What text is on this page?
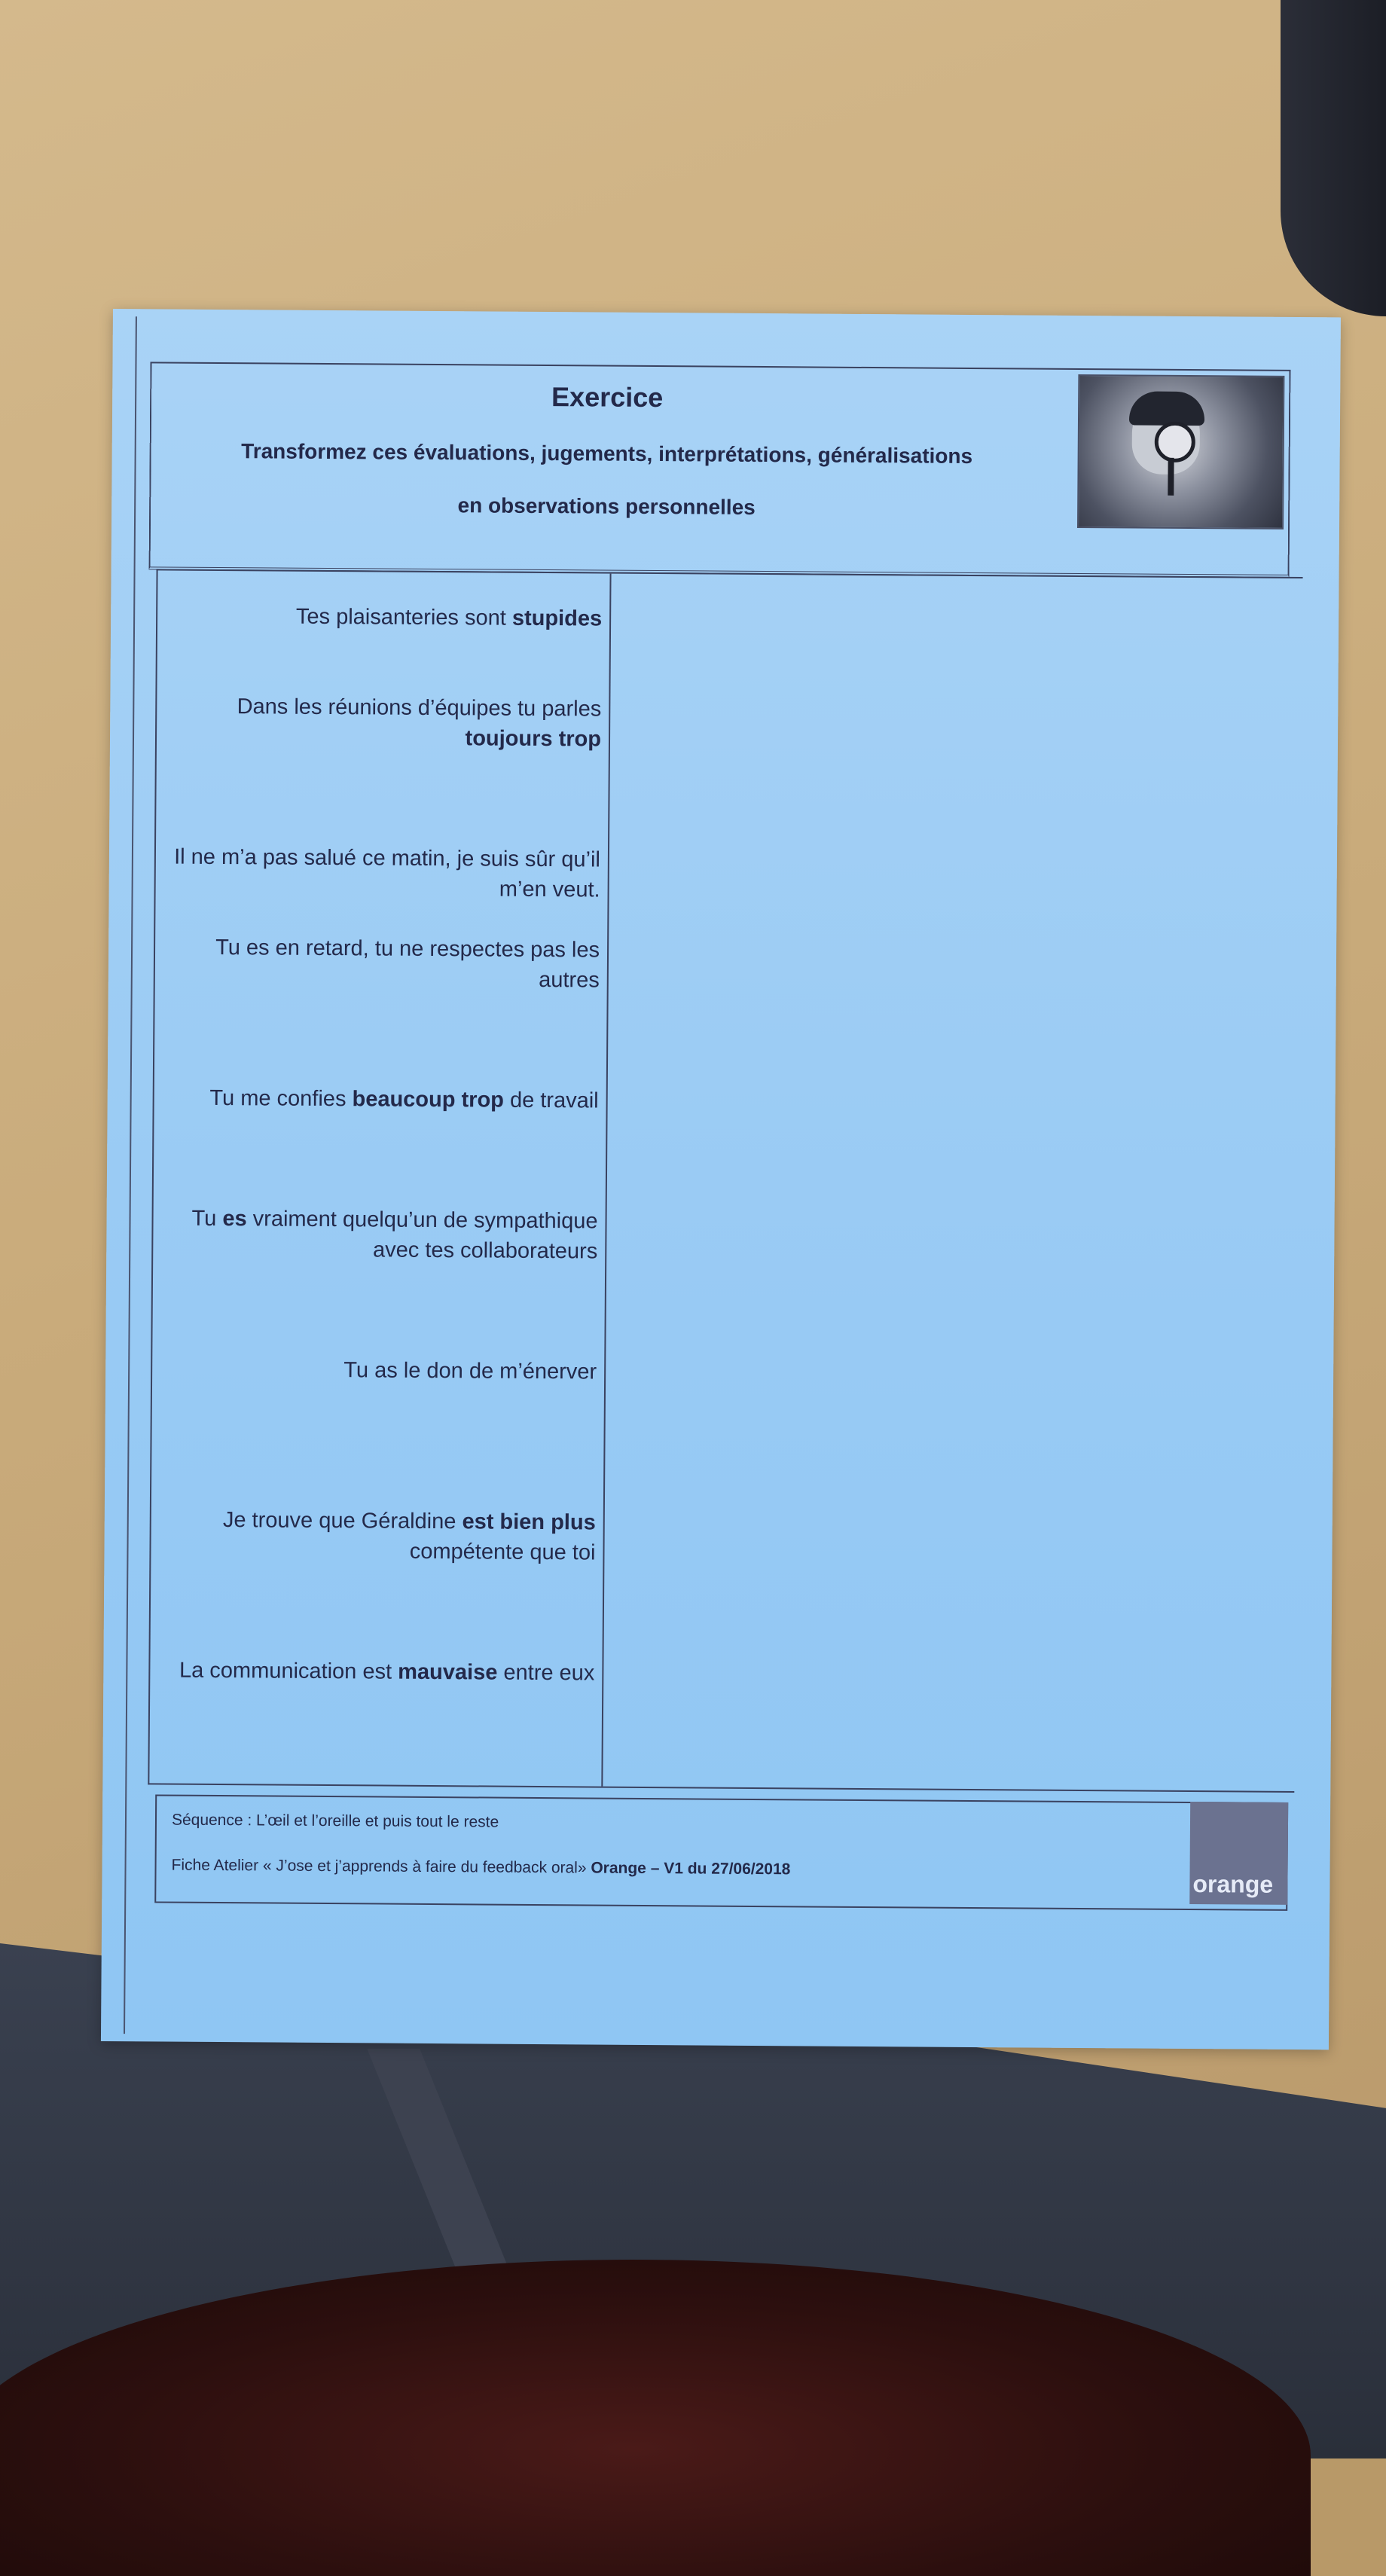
Exercice
Transformez ces évaluations, jugements, interprétations, généralisations
en observations personnelles
Tes plaisanteries sont stupides
Dans les réunions d’équipes tu parles toujours trop
Il ne m’a pas salué ce matin, je suis sûr qu’il m’en veut.
Tu es en retard, tu ne respectes pas les autres
Tu me confies beaucoup trop de travail
Tu es vraiment quelqu’un de sympathique avec tes collaborateurs
Tu as le don de m’énerver
Je trouve que Géraldine est bien plus compétente que toi
La communication est mauvaise entre eux
Séquence : L’œil et l’oreille et puis tout le reste
Fiche Atelier « J’ose et j’apprends à faire du feedback oral» Orange – V1 du 27/06/2018
orange
